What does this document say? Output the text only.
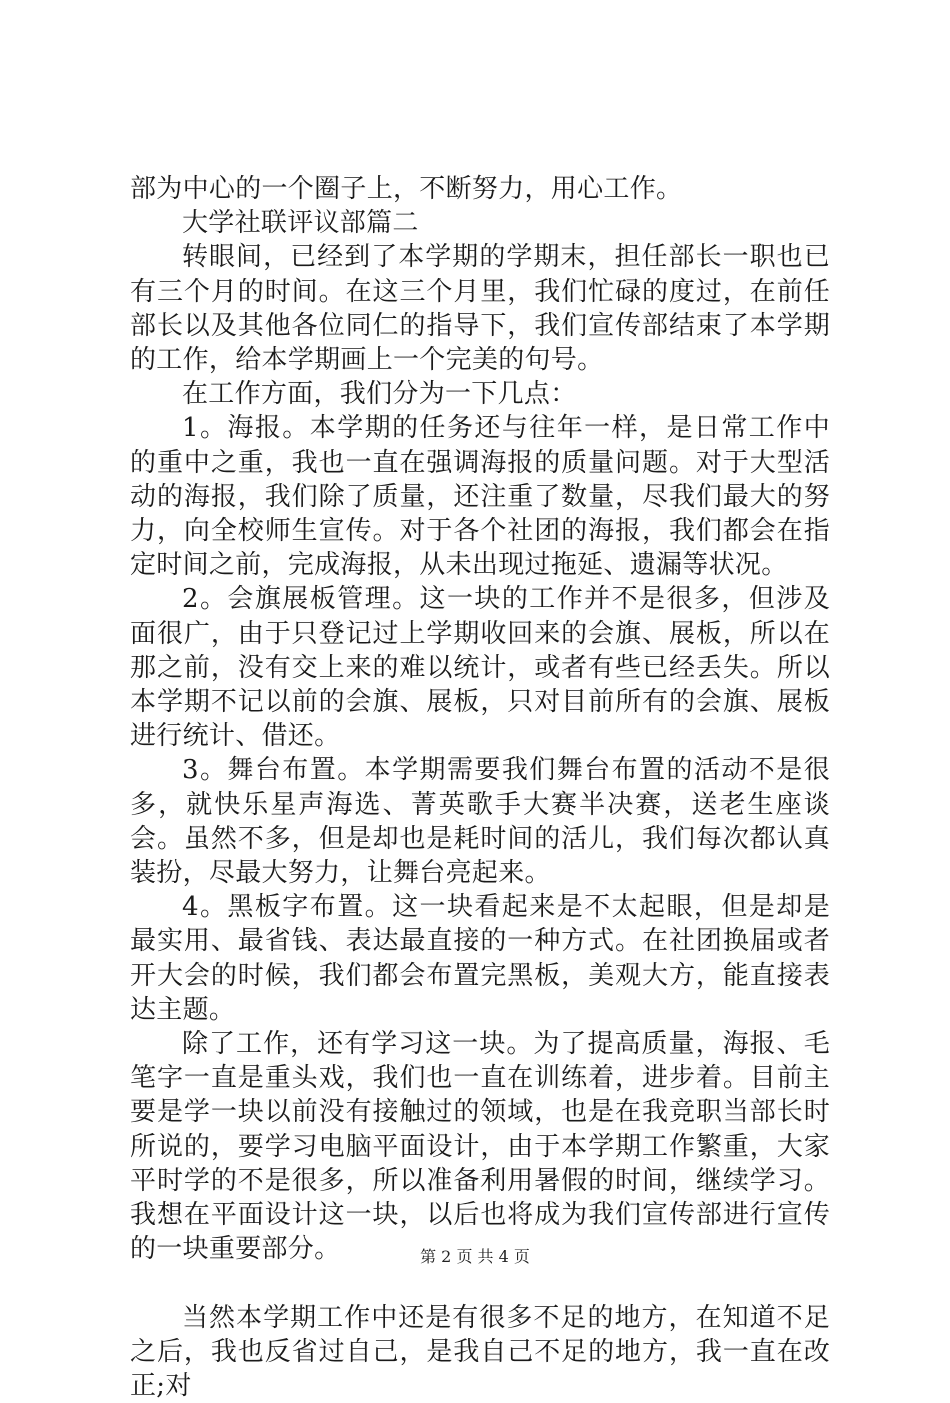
部为中心的一个圈子上，不断努力，用心工作。

大学社联评议部篇二

转眼间，已经到了本学期的学期末，担任部长一职也已有三个月的时间。在这三个月里，我们忙碌的度过，在前任部长以及其他各位同仁的指导下，我们宣传部结束了本学期的工作，给本学期画上一个完美的句号。

在工作方面，我们分为一下几点：

1。海报。本学期的任务还与往年一样，是日常工作中的重中之重，我也一直在强调海报的质量问题。对于大型活动的海报，我们除了质量，还注重了数量，尽我们最大的努力，向全校师生宣传。对于各个社团的海报，我们都会在指定时间之前，完成海报，从未出现过拖延、遗漏等状况。

2。会旗展板管理。这一块的工作并不是很多，但涉及面很广，由于只登记过上学期收回来的会旗、展板，所以在那之前，没有交上来的难以统计，或者有些已经丢失。所以本学期不记以前的会旗、展板，只对目前所有的会旗、展板进行统计、借还。

3。舞台布置。本学期需要我们舞台布置的活动不是很多，就快乐星声海选、菁英歌手大赛半决赛，送老生座谈会。虽然不多，但是却也是耗时间的活儿，我们每次都认真装扮，尽最大努力，让舞台亮起来。

4。黑板字布置。这一块看起来是不太起眼，但是却是最实用、最省钱、表达最直接的一种方式。在社团换届或者开大会的时候，我们都会布置完黑板，美观大方，能直接表达主题。

除了工作，还有学习这一块。为了提高质量，海报、毛笔字一直是重头戏，我们也一直在训练着，进步着。目前主要是学一块以前没有接触过的领域，也是在我竞职当部长时所说的，要学习电脑平面设计，由于本学期工作繁重，大家平时学的不是很多，所以准备利用暑假的时间，继续学习。我想在平面设计这一块，以后也将成为我们宣传部进行宣传的一块重要部分。

当然本学期工作中还是有很多不足的地方，在知道不足之后，我也反省过自己，是我自己不足的地方，我一直在改正;对

第 2 页 共 4 页
